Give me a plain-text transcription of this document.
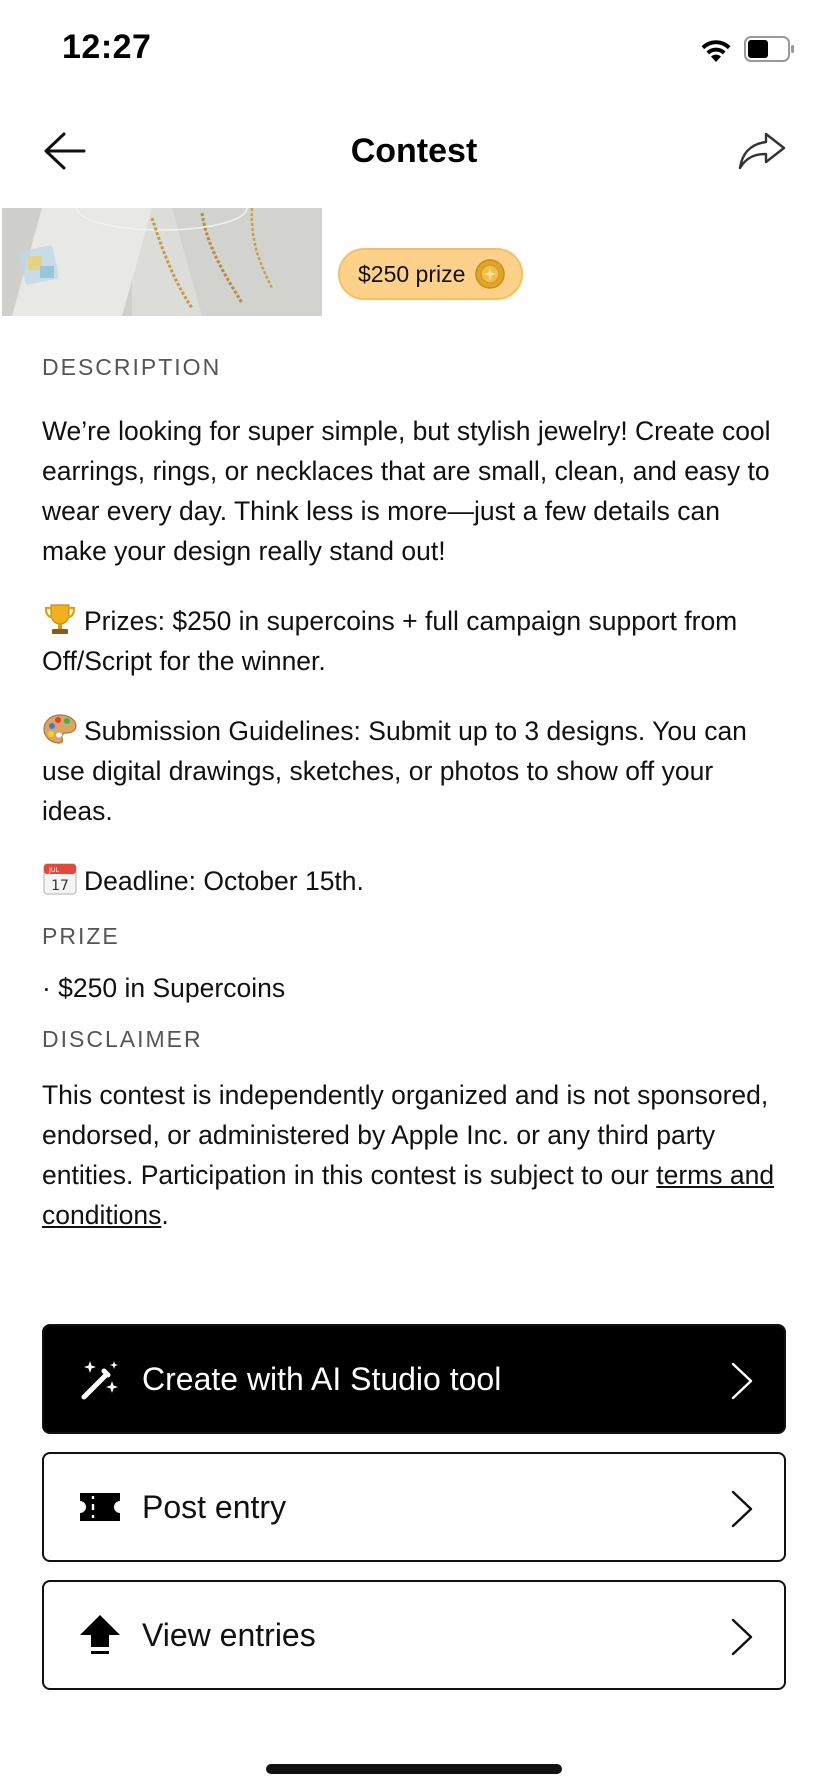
12:27
Contest
$250 prize
DESCRIPTION

We’re looking for super simple, but stylish jewelry! Create cool earrings, rings, or necklaces that are small, clean, and easy to wear every day. Think less is more—just a few details can make your design really stand out!

Prizes: $250 in supercoins + full campaign support from Off/Script for the winner.

Submission Guidelines: Submit up to 3 designs. You can use digital drawings, sketches, or photos to show off your ideas.

JUL
17 Deadline: October 15th.

PRIZE
· $250 in Supercoins
DISCLAIMER

This contest is independently organized and is not sponsored, endorsed, or administered by Apple Inc. or any third party entities. Participation in this contest is subject to our terms and conditions.

Create with AI Studio tool
Post entry
View entries
